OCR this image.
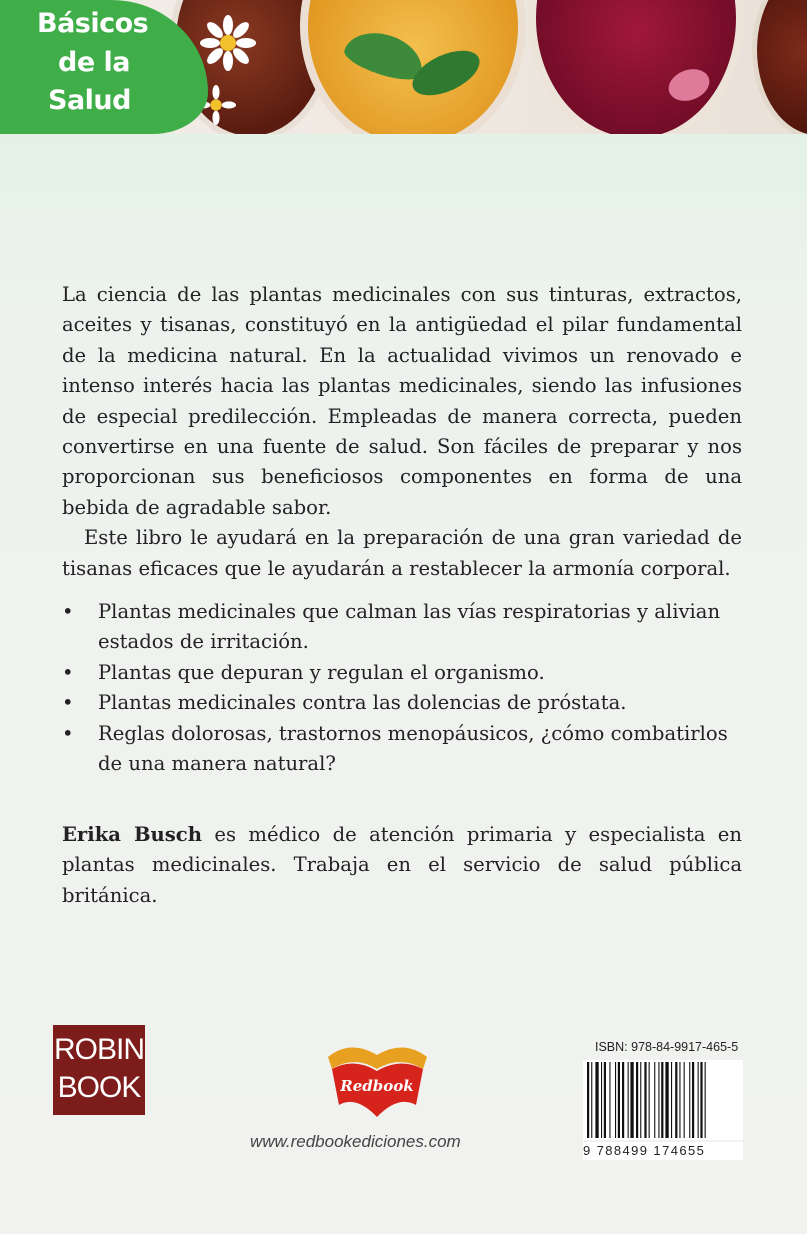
Básicos
de la
Salud

La ciencia de las plantas medicinales con sus tinturas, extractos, aceites y tisanas, constituyó en la antigüedad el pilar fundamental de la medicina natural. En la actualidad vivimos un renovado e intenso interés hacia las plantas medicinales, siendo las infusiones de especial predilección. Empleadas de manera correcta, pueden convertirse en una fuente de salud. Son fáciles de preparar y nos proporcionan sus beneficiosos componentes en forma de una bebida de agradable sabor.

Este libro le ayudará en la preparación de una gran variedad de tisanas eficaces que le ayudarán a restablecer la armonía corporal.

•	Plantas medicinales que calman las vías respiratorias y alivian estados de irritación.
•	Plantas que depuran y regulan el organismo.
•	Plantas medicinales contra las dolencias de próstata.
•	Reglas dolorosas, trastornos menopáusicos, ¿cómo combatirlos de una manera natural?

Erika Busch es médico de atención primaria y especialista en plantas medicinales. Trabaja en el servicio de salud pública británica.

ROBIN
BOOK	Redbook
www.redbookediciones.com
ISBN: 978-84-9917-465-5
9 788499 174655
